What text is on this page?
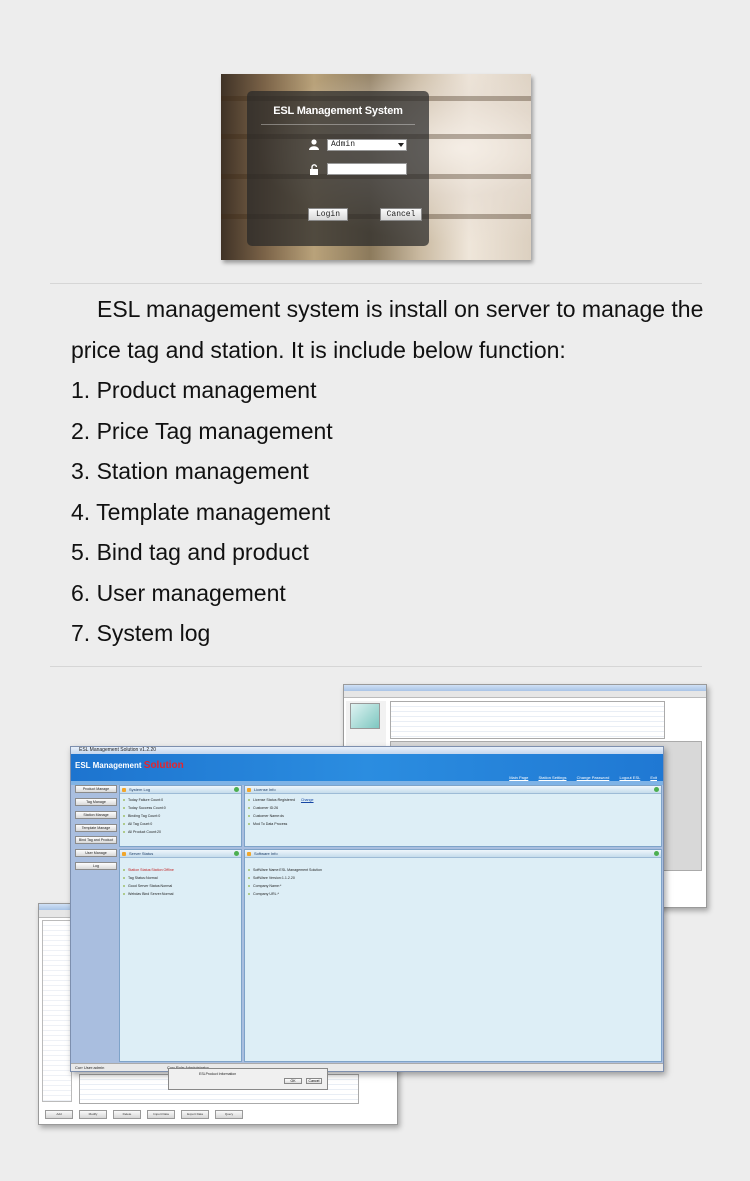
ESL Management System
Admin
Login	Cancel

ESL management system is install on server to manage the price tag and station. It is include below function:

1. Product management
2. Price Tag management
3. Station management
4. Template management
5. Bind tag and product
6. User management
7. System log
Add	Modify	Delete	Import Data	Export Data	Query
ESL Management Solution v1.2.20
ESL Management Solution
Main Page	Station Settings	Change Password	Logout ESL	Exit
Product Manage
Tag Manage
Station Manage
Template Manage
Bind Tag and Product
User Manage
Log
System Log
Today Failure Count:0
Today Success Count:0
Binding Tag Count:0
All Tag Count:0
All Product Count:20
License Info
License Status:Registered Change
Customer ID:26
Customer Name:ds
Mod To Data Process
Server Status
Station Status:Station Offline
Tag Status:Normal
Good Server Status:Normal
Webdav Bind Server:Normal
Software Info
SoftWare Name:ESL Management Solution
SoftWare Version:1.1.2.20
Company Name:*
Company URL:*
Curr User:admin
ESLProduct Information
OK	Cancel
